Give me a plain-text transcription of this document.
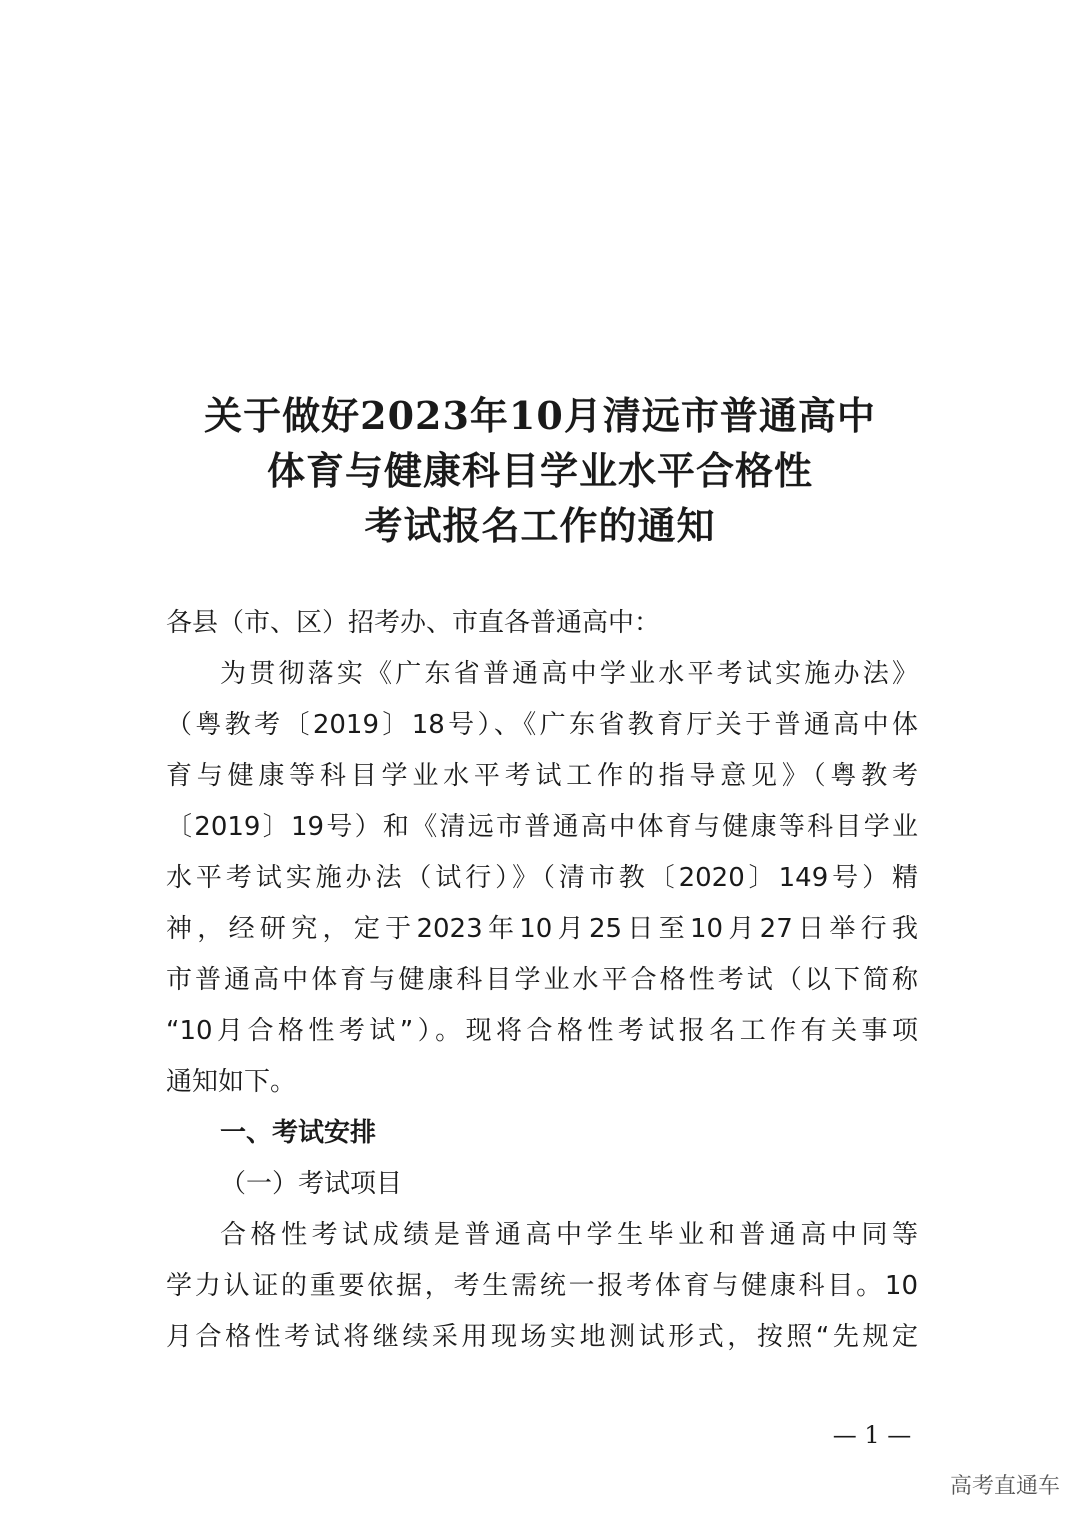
关于做好2023年10月清远市普通高中
体育与健康科目学业水平合格性
考试报名工作的通知
各县（市、区）招考办、市直各普通高中：
为贯彻落实《广东省普通高中学业水平考试实施办法》
（粤教考〔2019〕18号）、《广东省教育厅关于普通高中体
育与健康等科目学业水平考试工作的指导意见》（粤教考
〔2019〕19号）和《清远市普通高中体育与健康等科目学业
水平考试实施办法（试行）》（清市教〔2020〕149号）精
神，经研究，定于2023年10月25日至10月27日举行我
市普通高中体育与健康科目学业水平合格性考试（以下简称
“10月合格性考试”）。现将合格性考试报名工作有关事项
通知如下。
一、考试安排
（一）考试项目
合格性考试成绩是普通高中学生毕业和普通高中同等
学力认证的重要依据，考生需统一报考体育与健康科目。10
月合格性考试将继续采用现场实地测试形式，按照“先规定
— 1 —
高考直通车
